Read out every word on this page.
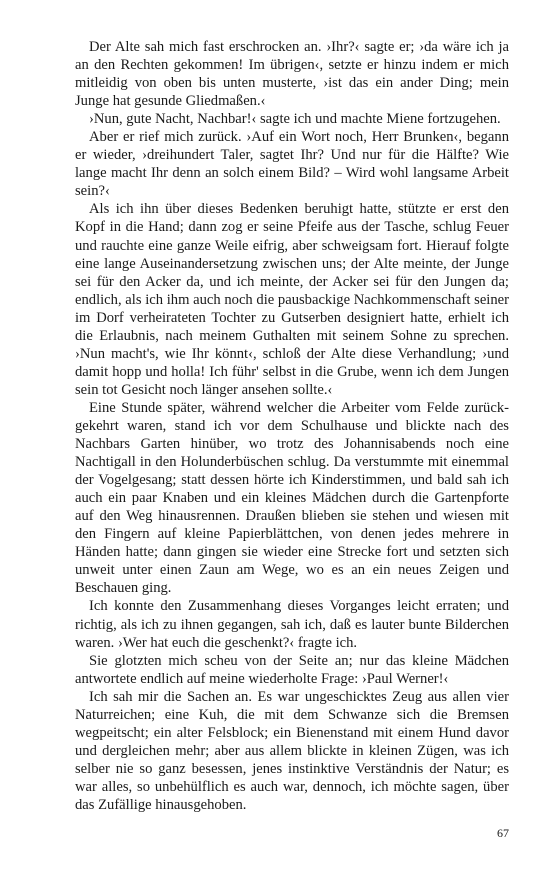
Der Alte sah mich fast erschrocken an. ›Ihr?‹ sagte er; ›da wäre ich ja an den Rechten gekommen! Im übrigen‹, setzte er hinzu indem er mich mitleidig von oben bis unten musterte, ›ist das ein ander Ding; mein Junge hat gesunde Gliedmaßen.‹

›Nun, gute Nacht, Nachbar!‹ sagte ich und machte Miene fortzugehen.

Aber er rief mich zurück. ›Auf ein Wort noch, Herr Brunken‹, begann er wieder, ›dreihundert Taler, sagtet Ihr? Und nur für die Hälfte? Wie lange macht Ihr denn an solch einem Bild? – Wird wohl langsame Arbeit sein?‹

Als ich ihn über dieses Bedenken beruhigt hatte, stützte er erst den Kopf in die Hand; dann zog er seine Pfeife aus der Tasche, schlug Feuer und rauchte eine ganze Weile eifrig, aber schweigsam fort. Hierauf folgte eine lange Auseinandersetzung zwischen uns; der Alte meinte, der Junge sei für den Acker da, und ich meinte, der Acker sei für den Jungen da; endlich, als ich ihm auch noch die pausbackige Nachkommenschaft seiner im Dorf verheirateten Tochter zu Gutserben designiert hatte, erhielt ich die Erlaubnis, nach meinem Guthalten mit seinem Sohne zu sprechen. ›Nun macht's, wie Ihr könnt‹, schloß der Alte diese Verhandlung; ›und damit hopp und holla! Ich führ' selbst in die Grube, wenn ich dem Jungen sein tot Gesicht noch länger ansehen sollte.‹

Eine Stunde später, während welcher die Arbeiter vom Felde zurückgekehrt waren, stand ich vor dem Schulhause und blickte nach des Nachbars Garten hinüber, wo trotz des Johannisabends noch eine Nachtigall in den Holunderbüschen schlug. Da verstummte mit einemmal der Vogelgesang; statt dessen hörte ich Kinderstimmen, und bald sah ich auch ein paar Knaben und ein kleines Mädchen durch die Gartenpforte auf den Weg hinausrennen. Draußen blieben sie stehen und wiesen mit den Fingern auf kleine Papierblättchen, von denen jedes mehrere in Händen hatte; dann gingen sie wieder eine Strecke fort und setzten sich unweit unter einen Zaun am Wege, wo es an ein neues Zeigen und Beschauen ging.

Ich konnte den Zusammenhang dieses Vorganges leicht erraten; und richtig, als ich zu ihnen gegangen, sah ich, daß es lauter bunte Bilderchen waren. ›Wer hat euch die geschenkt?‹ fragte ich.

Sie glotzten mich scheu von der Seite an; nur das kleine Mädchen antwortete endlich auf meine wiederholte Frage: ›Paul Werner!‹

Ich sah mir die Sachen an. Es war ungeschicktes Zeug aus allen vier Naturreichen; eine Kuh, die mit dem Schwanze sich die Bremsen wegpeitscht; ein alter Felsblock; ein Bienenstand mit einem Hund davor und dergleichen mehr; aber aus allem blickte in kleinen Zügen, was ich selber nie so ganz besessen, jenes instinktive Verständnis der Natur; es war alles, so unbehülflich es auch war, dennoch, ich möchte sagen, über das Zufällige hinausgehoben.

67
